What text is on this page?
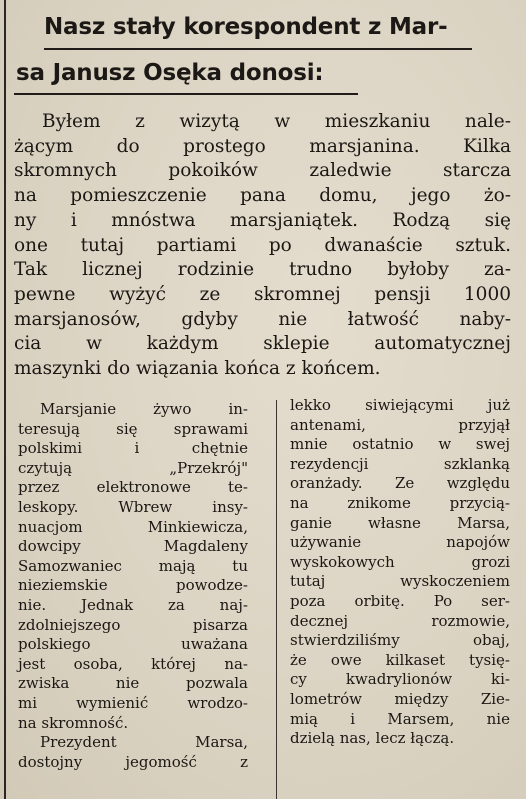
Nasz stały korespondent z Mar-
sa Janusz Osęka donosi:
Byłem z wizytą w mieszkaniu nale-
żącym do prostego marsjanina. Kilka
skromnych pokoików zaledwie starcza
na pomieszczenie pana domu, jego żo-
ny i mnóstwa marsjaniątek. Rodzą się
one tutaj partiami po dwanaście sztuk.
Tak licznej rodzinie trudno byłoby za-
pewne wyżyć ze skromnej pensji 1000
marsjanosów, gdyby nie łatwość naby-
cia w każdym sklepie automatycznej
maszynki do wiązania końca z końcem.
Marsjanie żywo in-
teresują się sprawami
polskimi i chętnie
czytują „Przekrój"
przez elektronowe te-
leskopy. Wbrew insy-
nuacjom Minkiewicza,
dowcipy Magdaleny
Samozwaniec mają tu
nieziemskie powodze-
nie. Jednak za naj-
zdolniejszego pisarza
polskiego uważana
jest osoba, której na-
zwiska nie pozwala
mi wymienić wrodzo-
na skromność.
Prezydent Marsa,
dostojny jegomość z
lekko siwiejącymi już
antenami, przyjął
mnie ostatnio w swej
rezydencji szklanką
oranżady. Ze względu
na znikome przycią-
ganie własne Marsa,
używanie napojów
wyskokowych grozi
tutaj wyskoczeniem
poza orbitę. Po ser-
decznej rozmowie,
stwierdziliśmy obaj,
że owe kilkaset tysię-
cy kwadrylionów ki-
lometrów między Zie-
mią i Marsem, nie
dzielą nas, lecz łączą.
